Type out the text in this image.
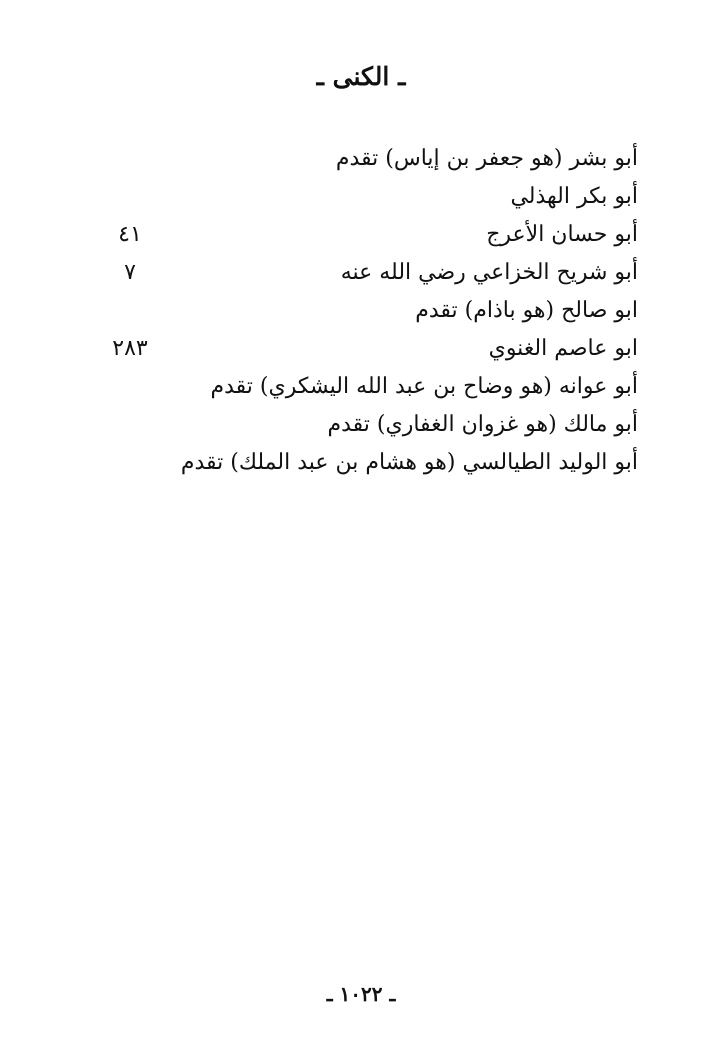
ـ الكنى ـ
أبو بشر (هو جعفر بن إياس) تقدم
أبو بكر الهذلي
أبو حسان الأعرج
٤١
أبو شريح الخزاعي رضي الله عنه
٧
ابو صالح (هو باذام) تقدم
ابو عاصم الغنوي
٢٨٣
أبو عوانه (هو وضاح بن عبد الله اليشكري) تقدم
أبو مالك (هو غزوان الغفاري) تقدم
أبو الوليد الطيالسي (هو هشام بن عبد الملك) تقدم
ـ ١٠٢٢ ـ
